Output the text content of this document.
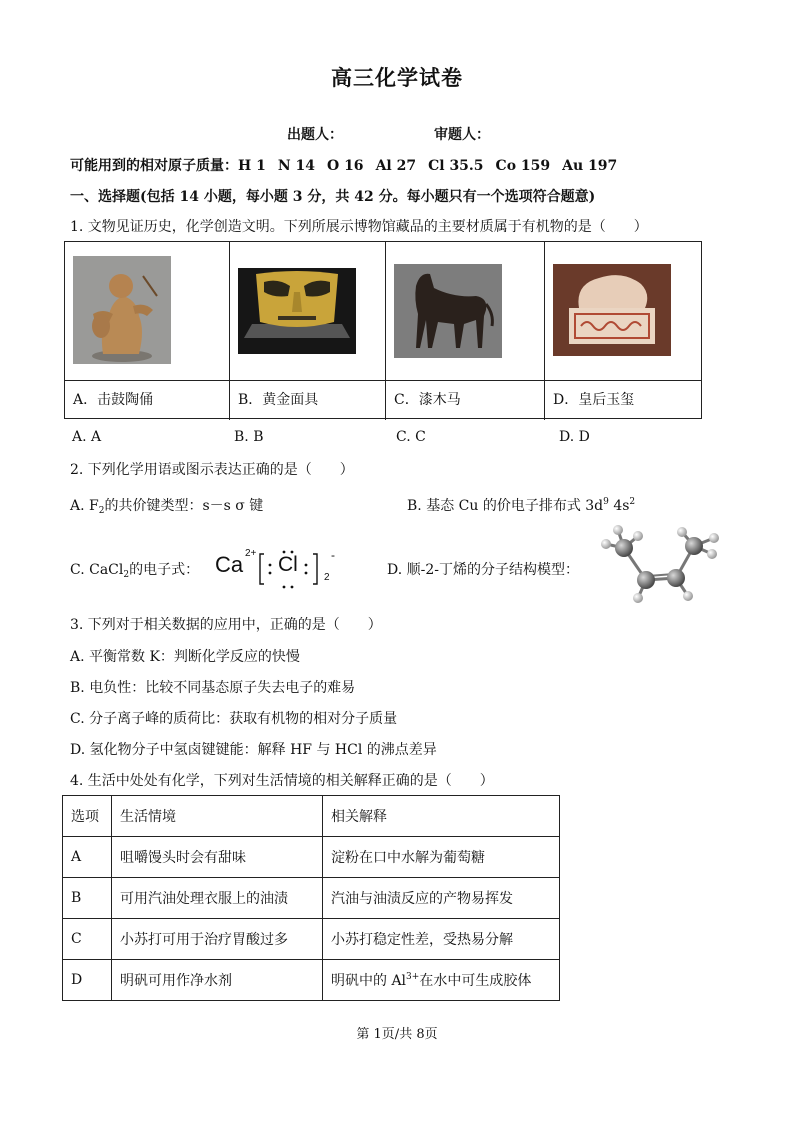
高三化学试卷
出题人：	审题人：
可能用到的相对原子质量：H 1 N 14 O 16 Al 27 Cl 35.5 Co 159 Au 197
一、选择题(包括 14 小题，每小题 3 分，共 42 分。每小题只有一个选项符合题意)
1. 文物见证历史，化学创造文明。下列所展示博物馆藏品的主要材质属于有机物的是（　　）
A．击鼓陶俑	B．黄金面具	C．漆木马	D．皇后玉玺
A. A	B. B	C. C	D. D
2. 下列化学用语或图示表达正确的是（　　）
A. $F_2$的共价键类型：s－s σ 键	B. 基态 Cu 的价电子排布式 $3d^9$ $4s^2$
C. CaCl$_2$的电子式： Ca 2+ Cl	-
2	D. 顺-2-丁烯的分子结构模型：
3. 下列对于相关数据的应用中，正确的是（　　）
A. 平衡常数 K：判断化学反应的快慢
B. 电负性：比较不同基态原子失去电子的难易
C. 分子离子峰的质荷比：获取有机物的相对分子质量
D. 氢化物分子中氢卤键键能：解释 HF 与 HCl 的沸点差异
4. 生活中处处有化学，下列对生活情境的相关解释正确的是（　　）
选项	生活情境	相关解释
A	咀嚼馒头时会有甜味	淀粉在口中水解为葡萄糖
B	可用汽油处理衣服上的油渍	汽油与油渍反应的产物易挥发
C	小苏打可用于治疗胃酸过多	小苏打稳定性差，受热易分解
D	明矾可用作净水剂	明矾中的 $Al^{3+}$在水中可生成胶体
第 1页/共 8页
